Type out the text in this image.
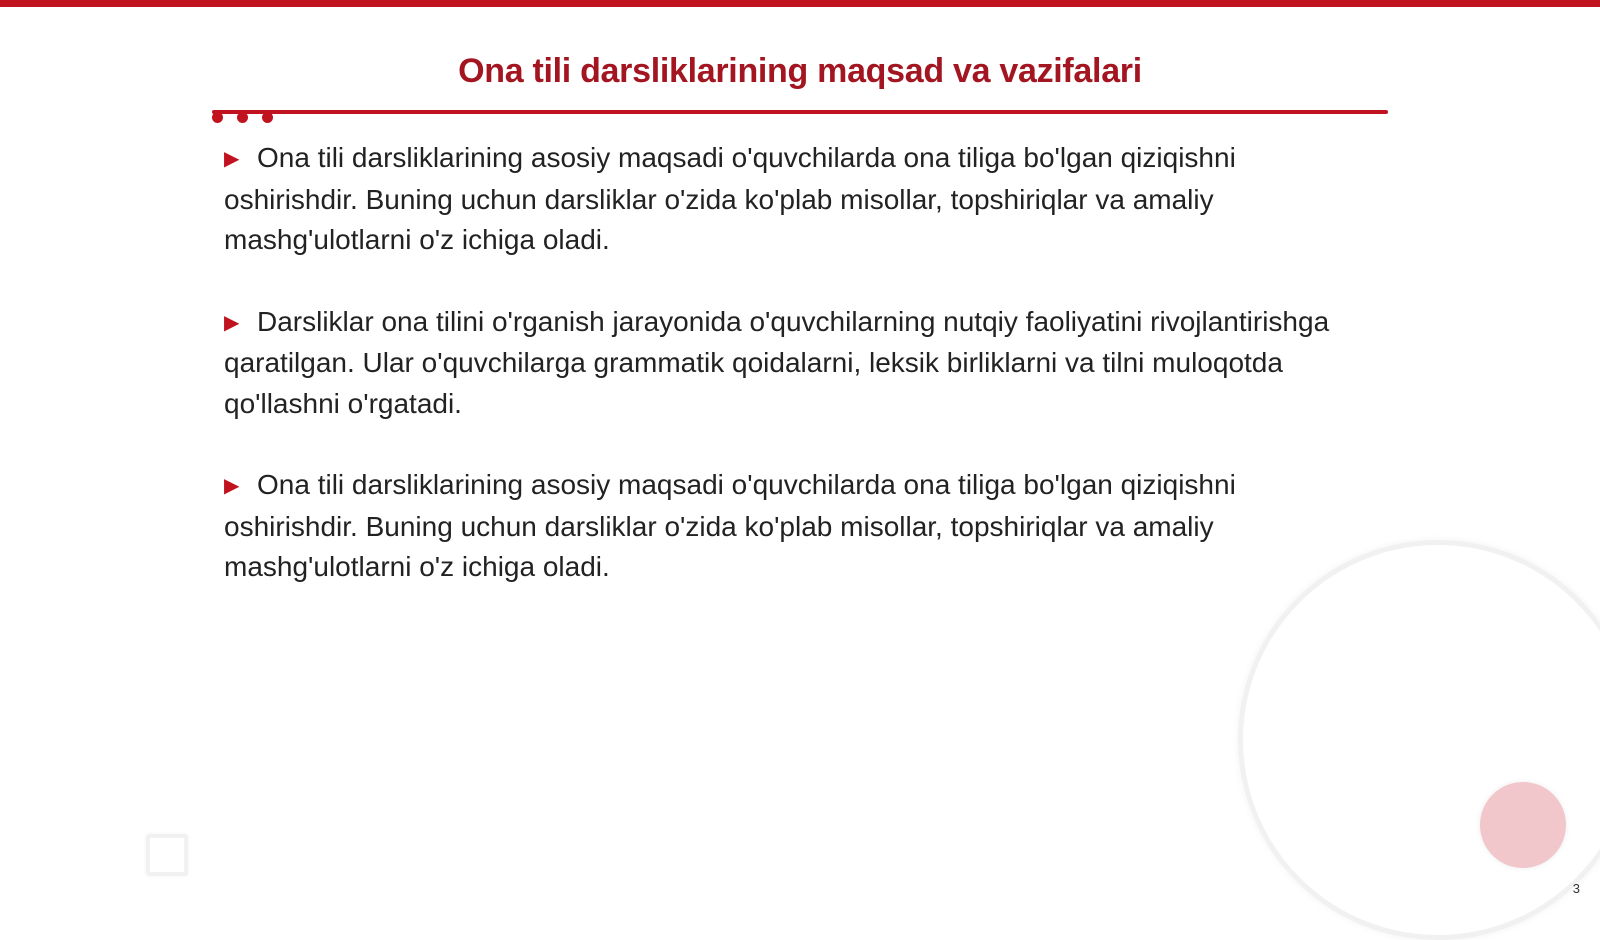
Ona tili darsliklarining maqsad va vazifalari

▶ Ona tili darsliklarining asosiy maqsadi o'quvchilarda ona tiliga bo'lgan qiziqishni oshirishdir. Buning uchun darsliklar o'zida ko'plab misollar, topshiriqlar va amaliy mashg'ulotlarni o'z ichiga oladi.

▶ Darsliklar ona tilini o'rganish jarayonida o'quvchilarning nutqiy faoliyatini rivojlantirishga qaratilgan. Ular o'quvchilarga grammatik qoidalarni, leksik birliklarni va tilni muloqotda qo'llashni o'rgatadi.

▶ Ona tili darsliklarining asosiy maqsadi o'quvchilarda ona tiliga bo'lgan qiziqishni oshirishdir. Buning uchun darsliklar o'zida ko'plab misollar, topshiriqlar va amaliy mashg'ulotlarni o'z ichiga oladi.

3
